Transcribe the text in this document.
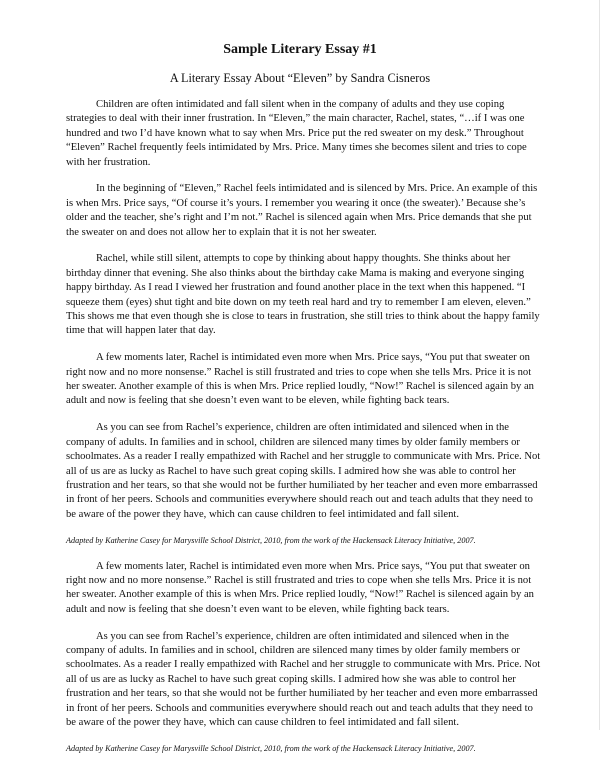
Sample Literary Essay #1

A Literary Essay About “Eleven” by Sandra Cisneros

Children are often intimidated and fall silent when in the company of adults and they use coping strategies to deal with their inner frustration. In “Eleven,” the main character, Rachel, states, “…if I was one hundred and two I’d have known what to say when Mrs. Price put the red sweater on my desk.” Throughout “Eleven” Rachel frequently feels intimidated by Mrs. Price. Many times she becomes silent and tries to cope with her frustration.

In the beginning of “Eleven,” Rachel feels intimidated and is silenced by Mrs. Price. An example of this is when Mrs. Price says, “Of course it’s yours. I remember you wearing it once (the sweater).’ Because she’s older and the teacher, she’s right and I’m not.” Rachel is silenced again when Mrs. Price demands that she put the sweater on and does not allow her to explain that it is not her sweater.

Rachel, while still silent, attempts to cope by thinking about happy thoughts. She thinks about her birthday dinner that evening. She also thinks about the birthday cake Mama is making and everyone singing happy birthday. As I read I viewed her frustration and found another place in the text when this happened. “I squeeze them (eyes) shut tight and bite down on my teeth real hard and try to remember I am eleven, eleven.” This shows me that even though she is close to tears in frustration, she still tries to think about the happy family time that will happen later that day.

A few moments later, Rachel is intimidated even more when Mrs. Price says, “You put that sweater on right now and no more nonsense.” Rachel is still frustrated and tries to cope when she tells Mrs. Price it is not her sweater. Another example of this is when Mrs. Price replied loudly, “Now!” Rachel is silenced again by an adult and now is feeling that she doesn’t even want to be eleven, while fighting back tears.

As you can see from Rachel’s experience, children are often intimidated and silenced when in the company of adults. In families and in school, children are silenced many times by older family members or schoolmates. As a reader I really empathized with Rachel and her struggle to communicate with Mrs. Price. Not all of us are as lucky as Rachel to have such great coping skills. I admired how she was able to control her frustration and her tears, so that she would not be further humiliated by her teacher and even more embarrassed in front of her peers. Schools and communities everywhere should reach out and teach adults that they need to be aware of the power they have, which can cause children to feel intimidated and fall silent.

Adapted by Katherine Casey for Marysville School District, 2010, from the work of the Hackensack Literacy Initiative, 2007.

A few moments later, Rachel is intimidated even more when Mrs. Price says, “You put that sweater on right now and no more nonsense.” Rachel is still frustrated and tries to cope when she tells Mrs. Price it is not her sweater. Another example of this is when Mrs. Price replied loudly, “Now!” Rachel is silenced again by an adult and now is feeling that she doesn’t even want to be eleven, while fighting back tears.

As you can see from Rachel’s experience, children are often intimidated and silenced when in the company of adults. In families and in school, children are silenced many times by older family members or schoolmates. As a reader I really empathized with Rachel and her struggle to communicate with Mrs. Price. Not all of us are as lucky as Rachel to have such great coping skills. I admired how she was able to control her frustration and her tears, so that she would not be further humiliated by her teacher and even more embarrassed in front of her peers. Schools and communities everywhere should reach out and teach adults that they need to be aware of the power they have, which can cause children to feel intimidated and fall silent.

Adapted by Katherine Casey for Marysville School District, 2010, from the work of the Hackensack Literacy Initiative, 2007.
